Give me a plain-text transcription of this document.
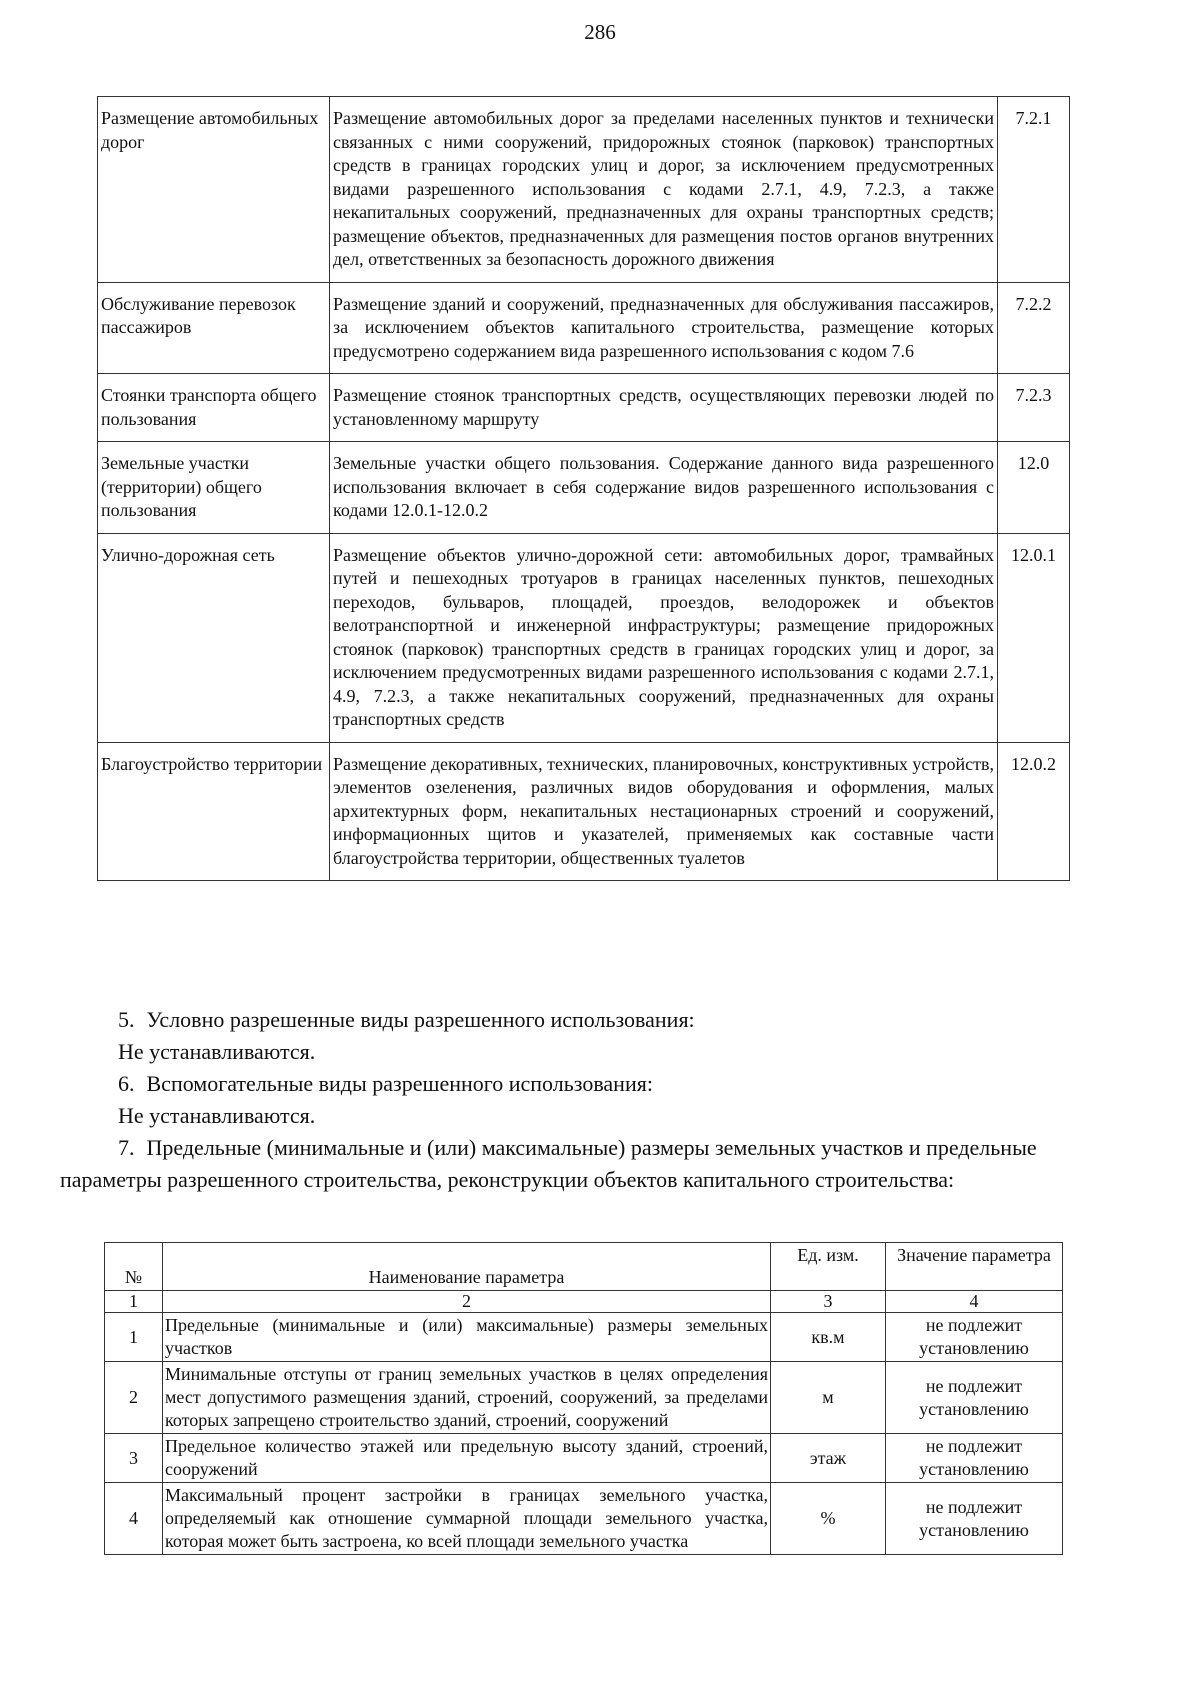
286
Размещение автомобильных дорог	Размещение автомобильных дорог за пределами населенных пунктов и технически связанных с ними сооружений, придорожных стоянок (парковок) транспортных средств в границах городских улиц и дорог, за исключением предусмотренных видами разрешенного использования с кодами 2.7.1, 4.9, 7.2.3, а также некапитальных сооружений, предназначенных для охраны транспортных средств; размещение объектов, предназначенных для размещения постов органов внутренних дел, ответственных за безопасность дорожного движения	7.2.1
Обслуживание перевозок пассажиров	Размещение зданий и сооружений, предназначенных для обслуживания пассажиров, за исключением объектов капитального строительства, размещение которых предусмотрено содержанием вида разрешенного использования с кодом 7.6	7.2.2
Стоянки транспорта общего пользования	Размещение стоянок транспортных средств, осуществляющих перевозки людей по установленному маршруту	7.2.3
Земельные участки (территории) общего пользования	Земельные участки общего пользования. Содержание данного вида разрешенного использования включает в себя содержание видов разрешенного использования с кодами 12.0.1-12.0.2	12.0
Улично-дорожная сеть	Размещение объектов улично-дорожной сети: автомобильных дорог, трамвайных путей и пешеходных тротуаров в границах населенных пунктов, пешеходных переходов, бульваров, площадей, проездов, велодорожек и объектов велотранспортной и инженерной инфраструктуры; размещение придорожных стоянок (парковок) транспортных средств в границах городских улиц и дорог, за исключением предусмотренных видами разрешенного использования с кодами 2.7.1, 4.9, 7.2.3, а также некапитальных сооружений, предназначенных для охраны транспортных средств	12.0.1
Благоустройство территории	Размещение декоративных, технических, планировочных, конструктивных устройств, элементов озеленения, различных видов оборудования и оформления, малых архитектурных форм, некапитальных нестационарных строений и сооружений, информационных щитов и указателей, применяемых как составные части благоустройства территории, общественных туалетов	12.0.2

5. Условно разрешенные виды разрешенного использования:

Не устанавливаются.

6. Вспомогательные виды разрешенного использования:

Не устанавливаются.

7. Предельные (минимальные и (или) максимальные) размеры земельных участков и предельные параметры разрешенного строительства, реконструкции объектов капитального строительства:

№	Наименование параметра	Ед. изм.	Значение параметра
1	2	3	4
1	Предельные (минимальные и (или) максимальные) размеры земельных участков	кв.м	не подлежит установлению
2	Минимальные отступы от границ земельных участков в целях определения мест допустимого размещения зданий, строений, сооружений, за пределами которых запрещено строительство зданий, строений, сооружений	м	не подлежит установлению
3	Предельное количество этажей или предельную высоту зданий, строений, сооружений	этаж	не подлежит установлению
4	Максимальный процент застройки в границах земельного участка, определяемый как отношение суммарной площади земельного участка, которая может быть застроена, ко всей площади земельного участка	%	не подлежит установлению
